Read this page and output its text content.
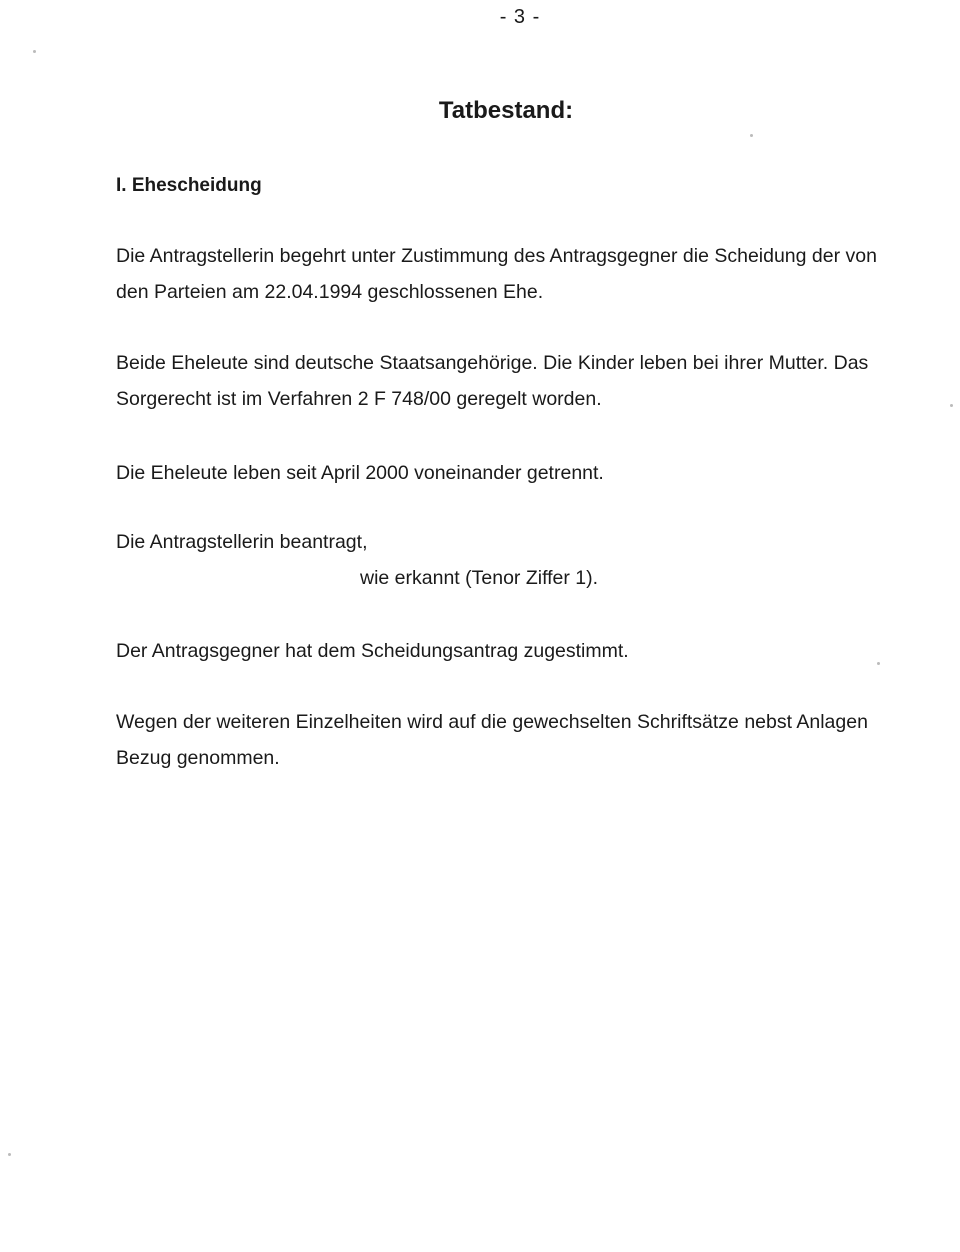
- 3 -
Tatbestand:
I. Ehescheidung
Die Antragstellerin begehrt unter Zustimmung des Antragsgegner die Scheidung der von
den Parteien am 22.04.1994 geschlossenen Ehe.
Beide Eheleute sind deutsche Staatsangehörige. Die Kinder leben bei ihrer Mutter. Das
Sorgerecht ist im Verfahren 2 F 748/00 geregelt worden.
Die Eheleute leben seit April 2000 voneinander getrennt.
Die Antragstellerin beantragt,
wie erkannt (Tenor Ziffer 1).
Der Antragsgegner hat dem Scheidungsantrag zugestimmt.
Wegen der weiteren Einzelheiten wird auf die gewechselten Schriftsätze nebst Anlagen
Bezug genommen.
